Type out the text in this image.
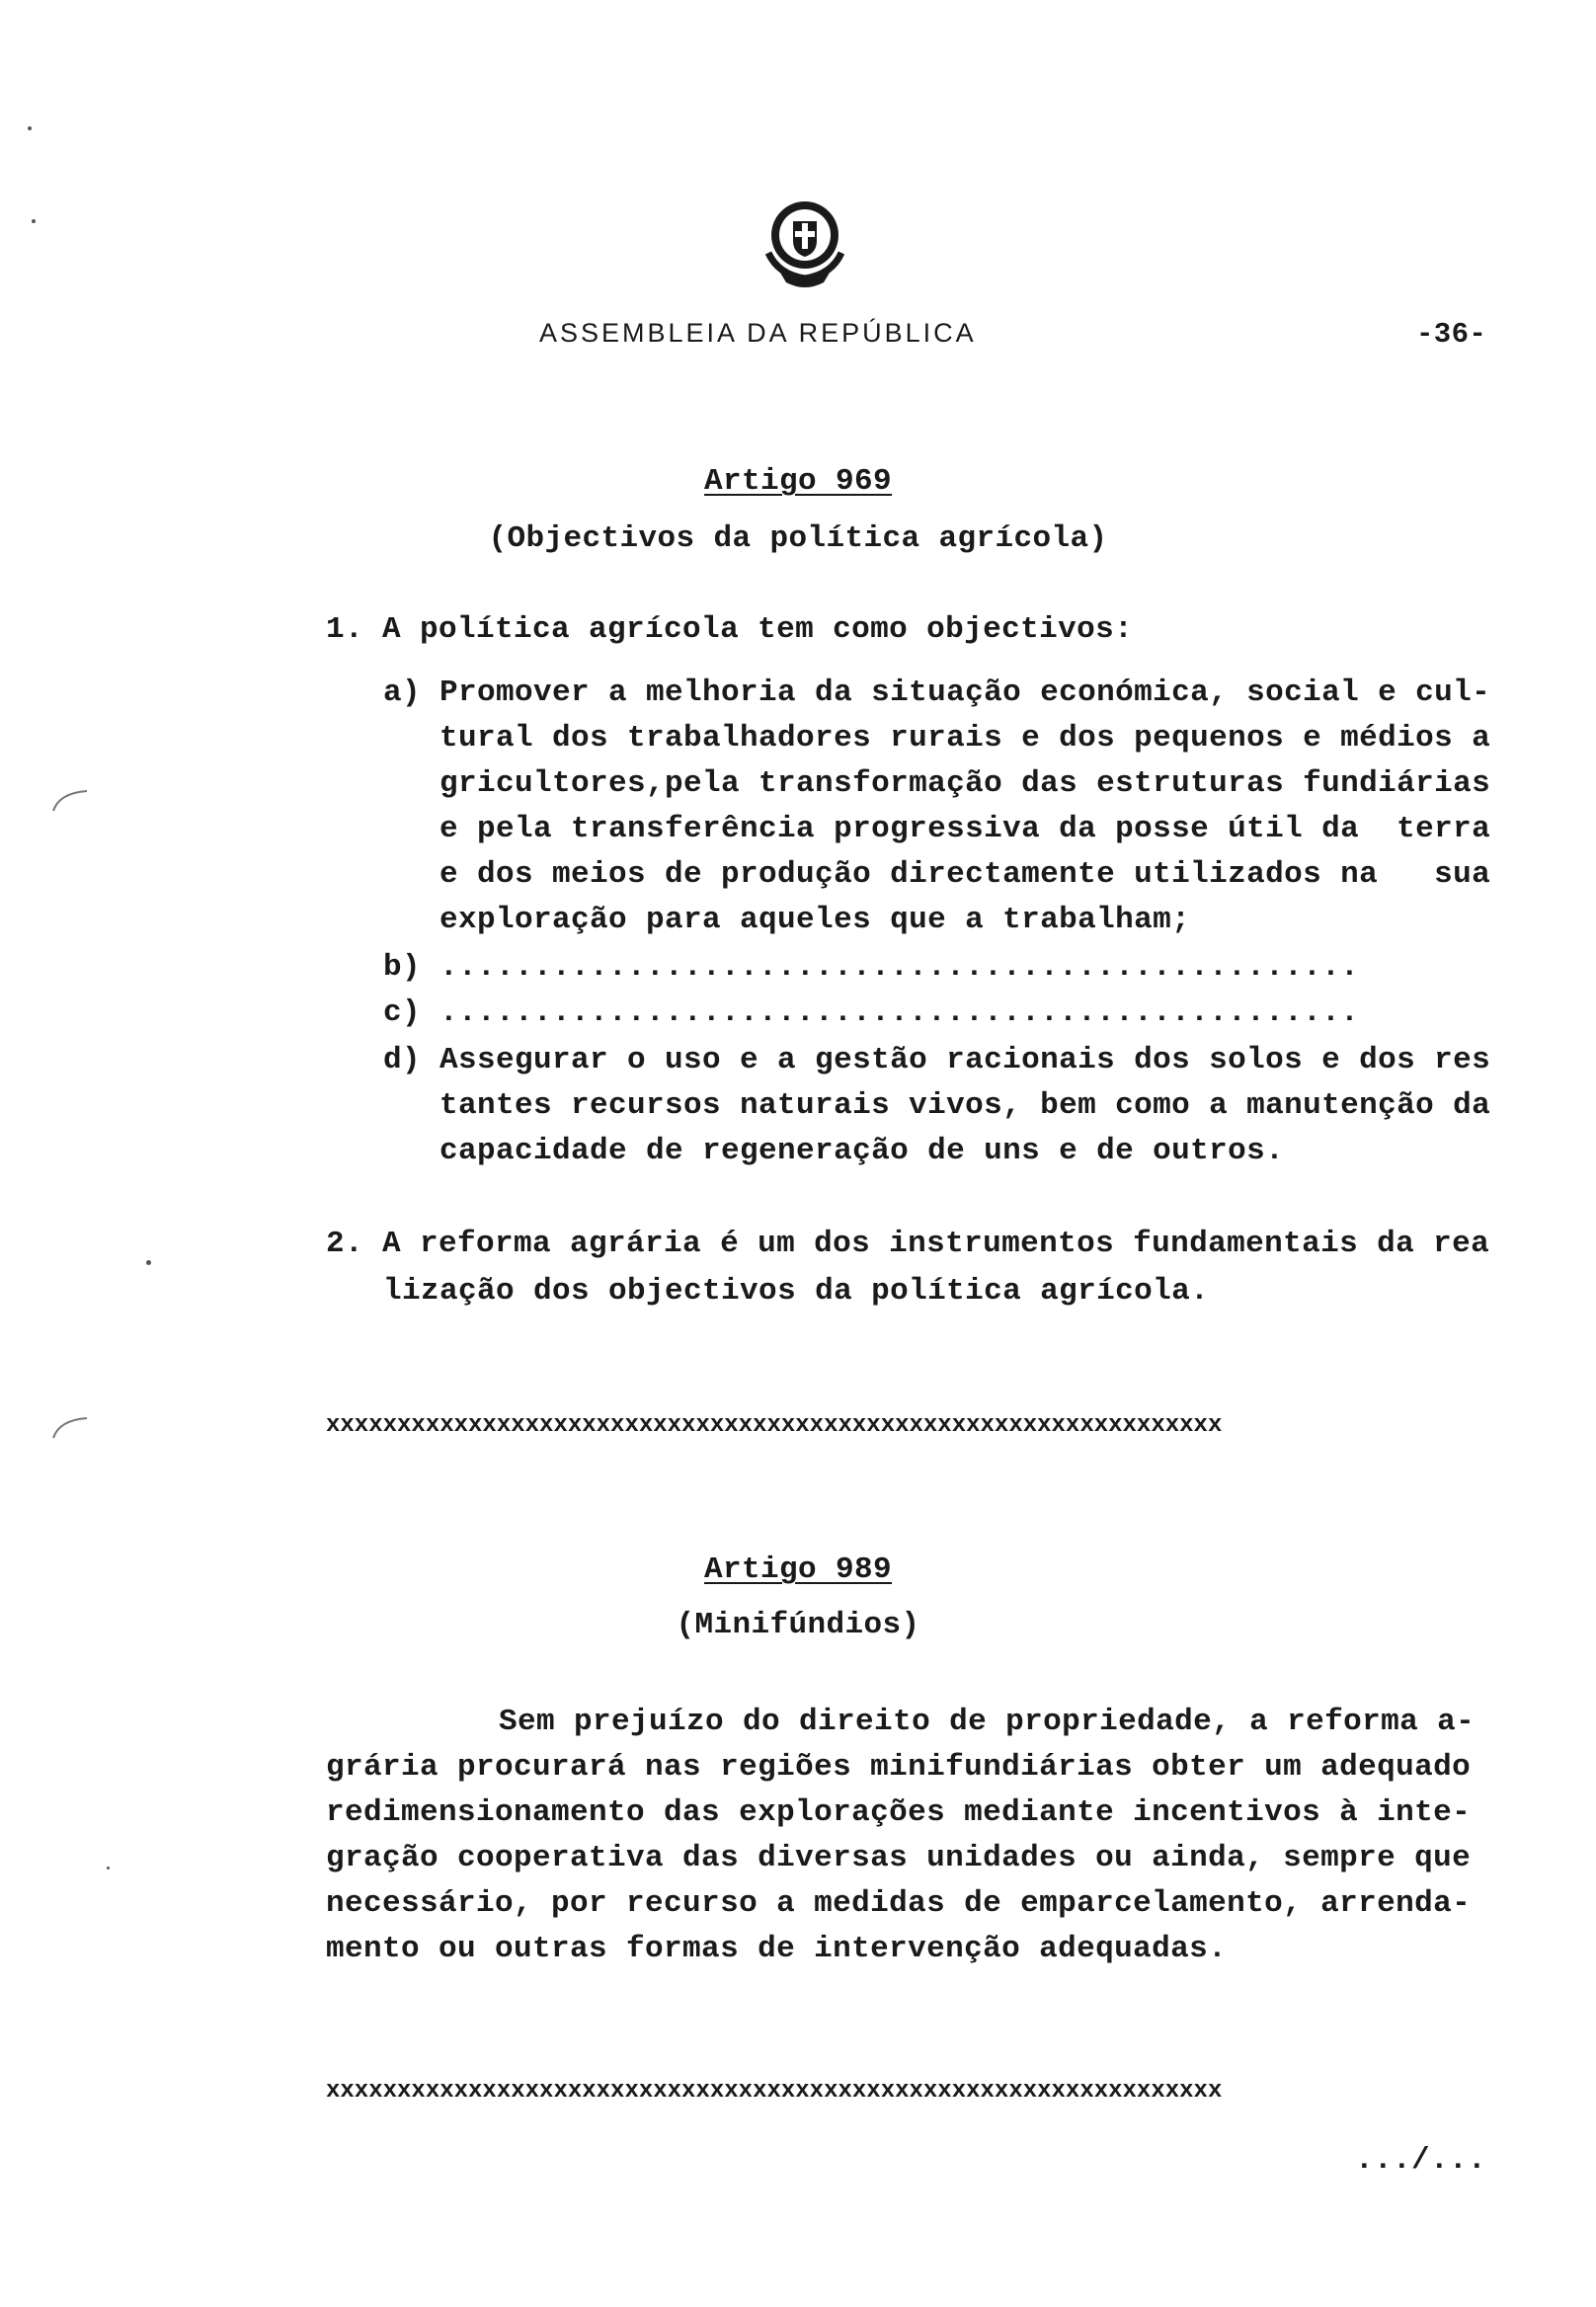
ASSEMBLEIA DA REPÚBLICA	-36-
Artigo 969
(Objectivos da política agrícola)
1. A política agrícola tem como objectivos:
a) Promover a melhoria da situação económica, social e cul-
tural dos trabalhadores rurais e dos pequenos e médios a
gricultores,pela transformação das estruturas fundiárias
e pela transferência progressiva da posse útil da  terra
e dos meios de produção directamente utilizados na   sua
exploração para aqueles que a trabalham;
b) .................................................
c) .................................................
d) Assegurar o uso e a gestão racionais dos solos e dos res
tantes recursos naturais vivos, bem como a manutenção da
capacidade de regeneração de uns e de outros.
2. A reforma agrária é um dos instrumentos fundamentais da rea
lização dos objectivos da política agrícola.
xxxxxxxxxxxxxxxxxxxxxxxxxxxxxxxxxxxxxxxxxxxxxxxxxxxxxxxxxxxxxxx
Artigo 989
(Minifúndios)
Sem prejuízo do direito de propriedade, a reforma a-
grária procurará nas regiões minifundiárias obter um adequado
redimensionamento das explorações mediante incentivos à inte-
gração cooperativa das diversas unidades ou ainda, sempre que
necessário, por recurso a medidas de emparcelamento, arrenda-
mento ou outras formas de intervenção adequadas.
xxxxxxxxxxxxxxxxxxxxxxxxxxxxxxxxxxxxxxxxxxxxxxxxxxxxxxxxxxxxxxx
.../...
